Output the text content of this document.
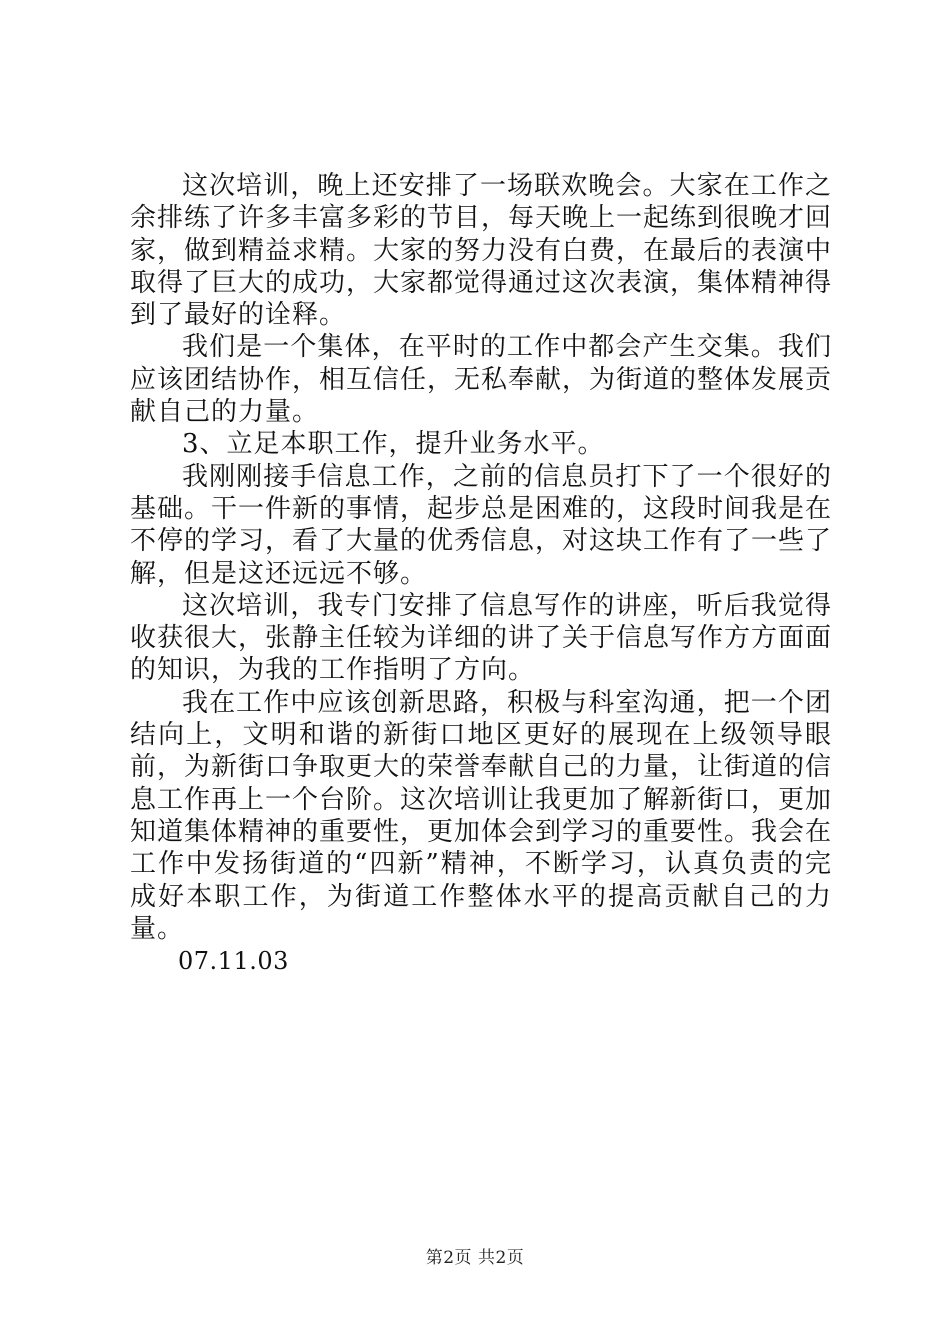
这次培训，晚上还安排了一场联欢晚会。大家在工作之余排练了许多丰富多彩的节目，每天晚上一起练到很晚才回家，做到精益求精。大家的努力没有白费，在最后的表演中取得了巨大的成功，大家都觉得通过这次表演，集体精神得到了最好的诠释。

我们是一个集体，在平时的工作中都会产生交集。我们应该团结协作，相互信任，无私奉献，为街道的整体发展贡献自己的力量。

3、立足本职工作，提升业务水平。

我刚刚接手信息工作，之前的信息员打下了一个很好的基础。干一件新的事情，起步总是困难的，这段时间我是在不停的学习，看了大量的优秀信息，对这块工作有了一些了解，但是这还远远不够。

这次培训，我专门安排了信息写作的讲座，听后我觉得收获很大，张静主任较为详细的讲了关于信息写作方方面面的知识，为我的工作指明了方向。

我在工作中应该创新思路，积极与科室沟通，把一个团结向上，文明和谐的新街口地区更好的展现在上级领导眼前，为新街口争取更大的荣誉奉献自己的力量，让街道的信息工作再上一个台阶。这次培训让我更加了解新街口，更加知道集体精神的重要性，更加体会到学习的重要性。我会在工作中发扬街道的“四新”精神，不断学习，认真负责的完成好本职工作，为街道工作整体水平的提高贡献自己的力量。

07.11.03

第2页 共2页
